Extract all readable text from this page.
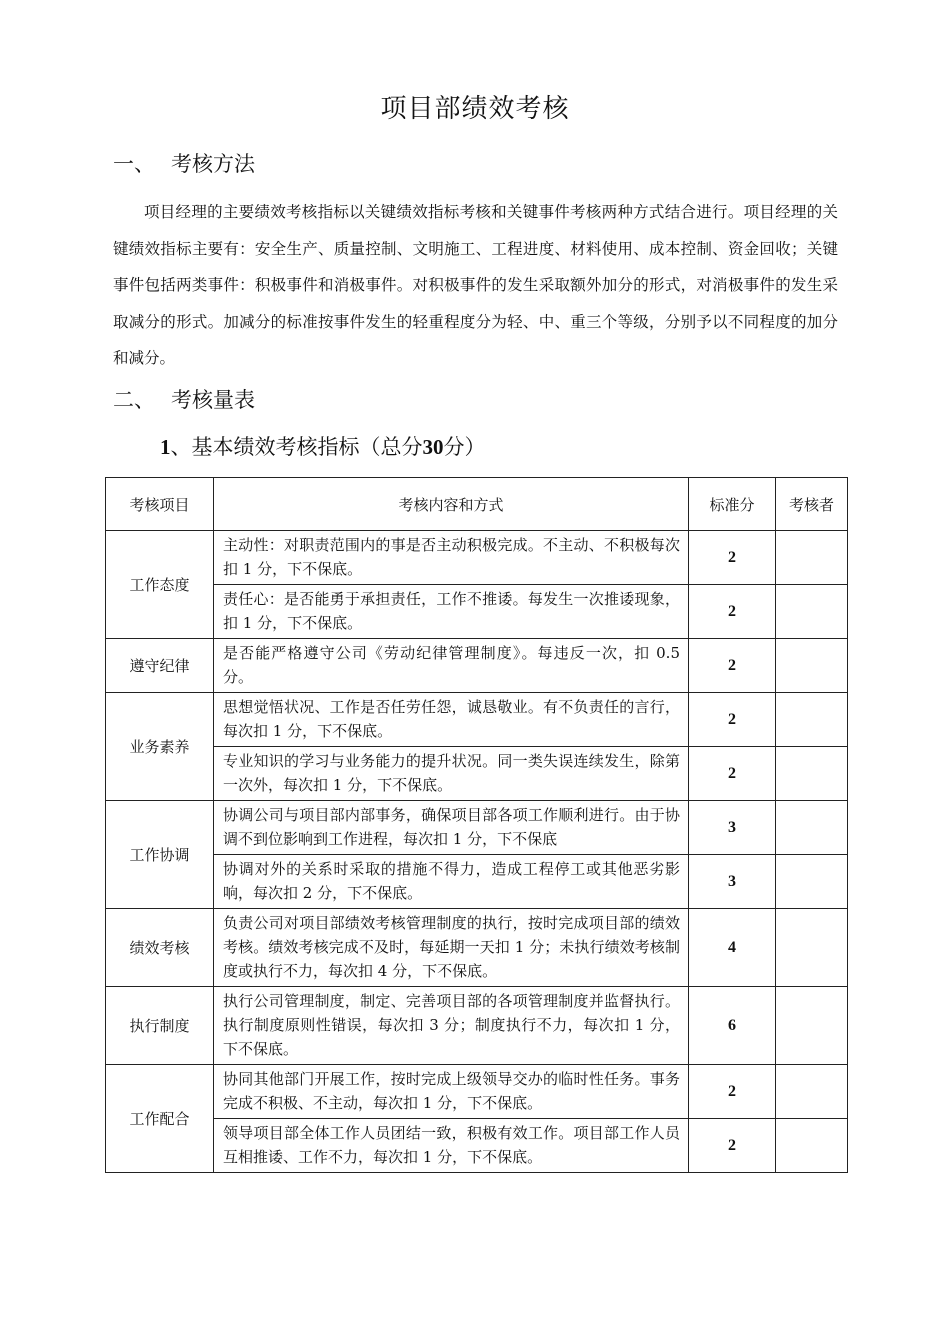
项目部绩效考核
一、 考核方法

项目经理的主要绩效考核指标以关键绩效指标考核和关键事件考核两种方式结合进行。项目经理的关键绩效指标主要有：安全生产、质量控制、文明施工、工程进度、材料使用、成本控制、资金回收；关键事件包括两类事件：积极事件和消极事件。对积极事件的发生采取额外加分的形式，对消极事件的发生采取减分的形式。加减分的标准按事件发生的轻重程度分为轻、中、重三个等级，分别予以不同程度的加分和减分。

二、 考核量表
1、基本绩效考核指标（总分30分）
考核项目	考核内容和方式	标准分	考核者
工作态度	主动性：对职责范围内的事是否主动积极完成。不主动、不积极每次扣 1 分，下不保底。	2	
	责任心：是否能勇于承担责任，工作不推诿。每发生一次推诿现象，扣 1 分，下不保底。	2	
遵守纪律	是否能严格遵守公司《劳动纪律管理制度》。每违反一次，扣 0.5 分。	2	
业务素养	思想觉悟状况、工作是否任劳任怨，诚恳敬业。有不负责任的言行，每次扣 1 分，下不保底。	2	
	专业知识的学习与业务能力的提升状况。同一类失误连续发生，除第一次外，每次扣 1 分，下不保底。	2	
工作协调	协调公司与项目部内部事务，确保项目部各项工作顺利进行。由于协调不到位影响到工作进程，每次扣 1 分，下不保底	3	
	协调对外的关系时采取的措施不得力，造成工程停工或其他恶劣影响，每次扣 2 分，下不保底。	3	
绩效考核	负责公司对项目部绩效考核管理制度的执行，按时完成项目部的绩效考核。绩效考核完成不及时，每延期一天扣 1 分；未执行绩效考核制度或执行不力，每次扣 4 分，下不保底。	4	
执行制度	执行公司管理制度，制定、完善项目部的各项管理制度并监督执行。执行制度原则性错误，每次扣 3 分；制度执行不力，每次扣 1 分，下不保底。	6	
工作配合	协同其他部门开展工作，按时完成上级领导交办的临时性任务。事务完成不积极、不主动，每次扣 1 分，下不保底。	2	
	领导项目部全体工作人员团结一致，积极有效工作。项目部工作人员互相推诿、工作不力，每次扣 1 分，下不保底。	2	
